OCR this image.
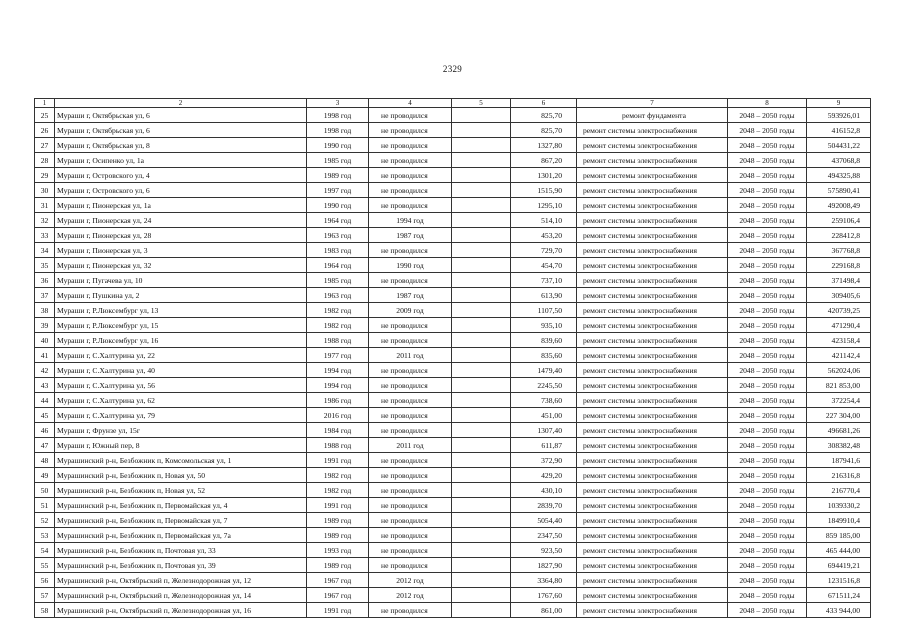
2329
1	2	3	4	5	6	7	8	9
25	Мураши г, Октябрьская ул, 6	1998 год	не проводился		825,70	ремонт фундамента	2048 – 2050 годы	593926,01
26	Мураши г, Октябрьская ул, 6	1998 год	не проводился		825,70	ремонт системы электроснабжения	2048 – 2050 годы	416152,8
27	Мураши г, Октябрьская ул, 8	1990 год	не проводился		1327,80	ремонт системы электроснабжения	2048 – 2050 годы	504431,22
28	Мураши г, Осипенко ул, 1а	1985 год	не проводился		867,20	ремонт системы электроснабжения	2048 – 2050 годы	437068,8
29	Мураши г, Островского ул, 4	1989 год	не проводился		1301,20	ремонт системы электроснабжения	2048 – 2050 годы	494325,88
30	Мураши г, Островского ул, 6	1997 год	не проводился		1515,90	ремонт системы электроснабжения	2048 – 2050 годы	575890,41
31	Мураши г, Пионерская ул, 1а	1990 год	не проводился		1295,10	ремонт системы электроснабжения	2048 – 2050 годы	492008,49
32	Мураши г, Пионерская ул, 24	1964 год	1994 год		514,10	ремонт системы электроснабжения	2048 – 2050 годы	259106,4
33	Мураши г, Пионерская ул, 28	1963 год	1987 год		453,20	ремонт системы электроснабжения	2048 – 2050 годы	228412,8
34	Мураши г, Пионерская ул, 3	1983 год	не проводился		729,70	ремонт системы электроснабжения	2048 – 2050 годы	367768,8
35	Мураши г, Пионерская ул, 32	1964 год	1990 год		454,70	ремонт системы электроснабжения	2048 – 2050 годы	229168,8
36	Мураши г, Пугачева ул, 10	1985 год	не проводился		737,10	ремонт системы электроснабжения	2048 – 2050 годы	371498,4
37	Мураши г, Пушкина ул, 2	1963 год	1987 год		613,90	ремонт системы электроснабжения	2048 – 2050 годы	309405,6
38	Мураши г, Р.Люксембург ул, 13	1982 год	2009 год		1107,50	ремонт системы электроснабжения	2048 – 2050 годы	420739,25
39	Мураши г, Р.Люксембург ул, 15	1982 год	не проводился		935,10	ремонт системы электроснабжения	2048 – 2050 годы	471290,4
40	Мураши г, Р.Люксембург ул, 16	1988 год	не проводился		839,60	ремонт системы электроснабжения	2048 – 2050 годы	423158,4
41	Мураши г, С.Халтурина ул, 22	1977 год	2011 год		835,60	ремонт системы электроснабжения	2048 – 2050 годы	421142,4
42	Мураши г, С.Халтурина ул, 40	1994 год	не проводился		1479,40	ремонт системы электроснабжения	2048 – 2050 годы	562024,06
43	Мураши г, С.Халтурина ул, 56	1994 год	не проводился		2245,50	ремонт системы электроснабжения	2048 – 2050 годы	821 853,00
44	Мураши г, С.Халтурина ул, 62	1986 год	не проводился		738,60	ремонт системы электроснабжения	2048 – 2050 годы	372254,4
45	Мураши г, С.Халтурина ул, 79	2016 год	не проводился		451,00	ремонт системы электроснабжения	2048 – 2050 годы	227 304,00
46	Мураши г, Фрунзе ул, 15г	1984 год	не проводился		1307,40	ремонт системы электроснабжения	2048 – 2050 годы	496681,26
47	Мураши г, Южный пер, 8	1988 год	2011 год		611,87	ремонт системы электроснабжения	2048 – 2050 годы	308382,48
48	Мурашинский р-н, Безбожник п, Комсомольская ул, 1	1991 год	не проводился		372,90	ремонт системы электроснабжения	2048 – 2050 годы	187941,6
49	Мурашинский р-н, Безбожник п, Новая ул, 50	1982 год	не проводился		429,20	ремонт системы электроснабжения	2048 – 2050 годы	216316,8
50	Мурашинский р-н, Безбожник п, Новая ул, 52	1982 год	не проводился		430,10	ремонт системы электроснабжения	2048 – 2050 годы	216770,4
51	Мурашинский р-н, Безбожник п, Первомайская ул, 4	1991 год	не проводился		2839,70	ремонт системы электроснабжения	2048 – 2050 годы	1039330,2
52	Мурашинский р-н, Безбожник п, Первомайская ул, 7	1989 год	не проводился		5054,40	ремонт системы электроснабжения	2048 – 2050 годы	1849910,4
53	Мурашинский р-н, Безбожник п, Первомайская ул, 7а	1989 год	не проводился		2347,50	ремонт системы электроснабжения	2048 – 2050 годы	859 185,00
54	Мурашинский р-н, Безбожник п, Почтовая ул, 33	1993 год	не проводился		923,50	ремонт системы электроснабжения	2048 – 2050 годы	465 444,00
55	Мурашинский р-н, Безбожник п, Почтовая ул, 39	1989 год	не проводился		1827,90	ремонт системы электроснабжения	2048 – 2050 годы	694419,21
56	Мурашинский р-н, Октябрьский п, Железнодорожная ул, 12	1967 год	2012 год		3364,80	ремонт системы электроснабжения	2048 – 2050 годы	1231516,8
57	Мурашинский р-н, Октябрьский п, Железнодорожная ул, 14	1967 год	2012 год		1767,60	ремонт системы электроснабжения	2048 – 2050 годы	671511,24
58	Мурашинский р-н, Октябрьский п, Железнодорожная ул, 16	1991 год	не проводился		861,00	ремонт системы электроснабжения	2048 – 2050 годы	433 944,00
